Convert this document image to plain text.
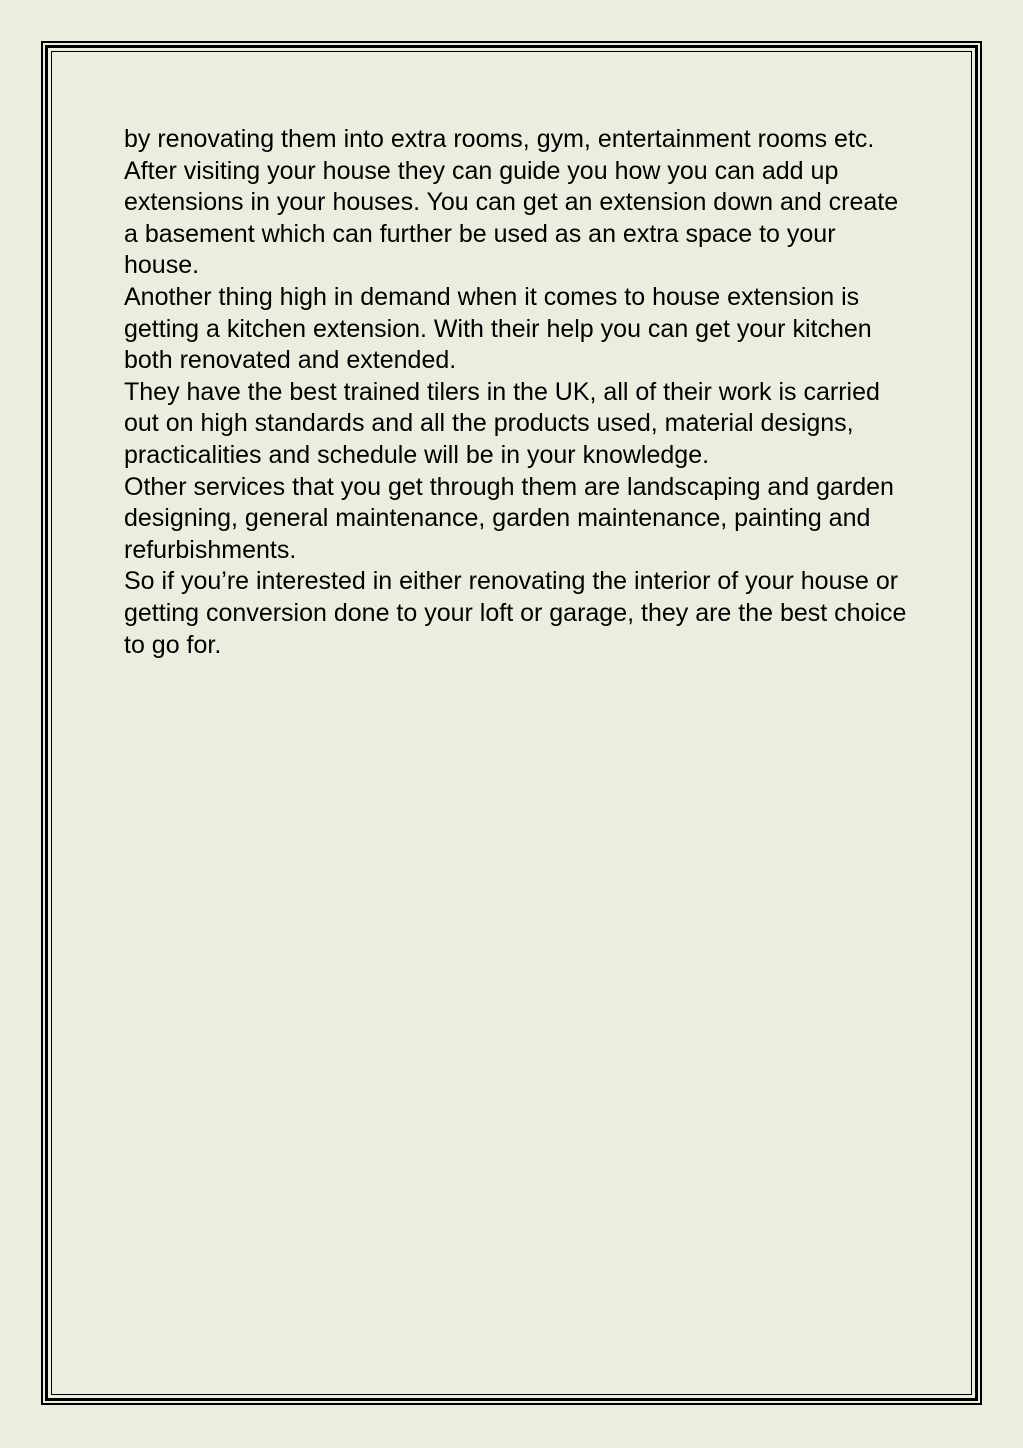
by renovating them into extra rooms, gym, entertainment rooms etc. After visiting your house they can guide you how you can add up extensions in your houses. You can get an extension down and create a basement which can further be used as an extra space to your house.

Another thing high in demand when it comes to house extension is getting a kitchen extension. With their help you can get your kitchen both renovated and extended.

They have the best trained tilers in the UK, all of their work is carried out on high standards and all the products used, material designs, practicalities and schedule will be in your knowledge.

Other services that you get through them are landscaping and garden designing, general maintenance, garden maintenance, painting and refurbishments.

So if you’re interested in either renovating the interior of your house or getting conversion done to your loft or garage, they are the best choice to go for.
